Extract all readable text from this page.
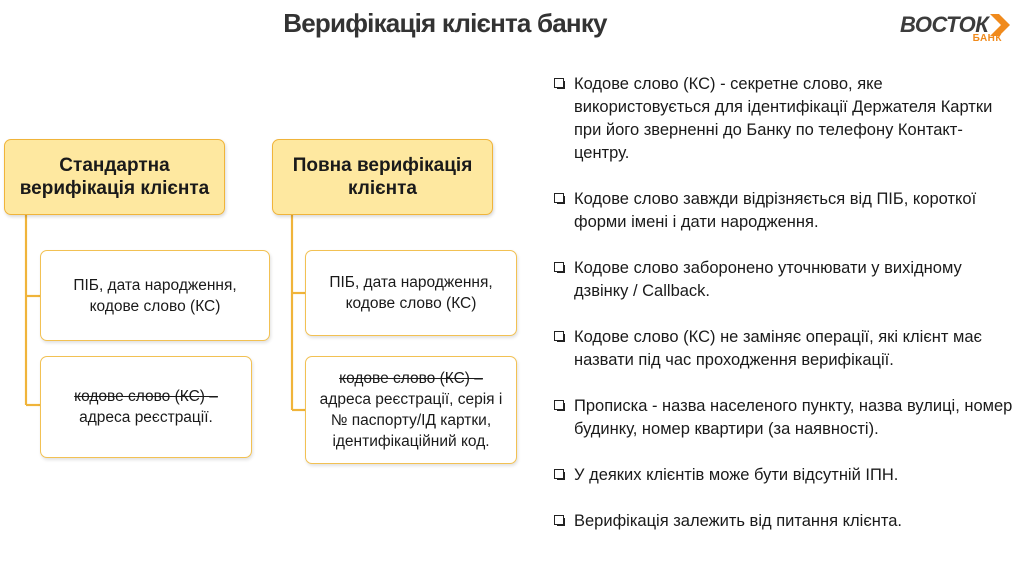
Верифікація клієнта банку	ВОСТОК
БАНК
Стандартна
верифікація клієнта
ПІБ, дата народження, кодове слово (КС)
кодове слово (КС) –
адреса реєстрації.
Повна верифікація
клієнта
ПІБ, дата народження, кодове слово (КС)
кодове слово (КС) –
адреса реєстрації, серія і № паспорту/ІД картки, ідентифікаційний код.
Кодове слово (КС) - секретне слово, яке використовується для ідентифікації Держателя Картки при його зверненні до Банку по телефону Контакт-центру.
Кодове слово завжди відрізняється від ПІБ, короткої форми імені і дати народження.
Кодове слово заборонено уточнювати у вихідному дзвінку / Callback.
Кодове слово (КС) не заміняє операції, які клієнт має назвати під час проходження верифікації.
Прописка - назва населеного пункту, назва вулиці, номер будинку, номер квартири (за наявності).
У деяких клієнтів може бути відсутній ІПН.
Верифікація залежить від питання клієнта.
